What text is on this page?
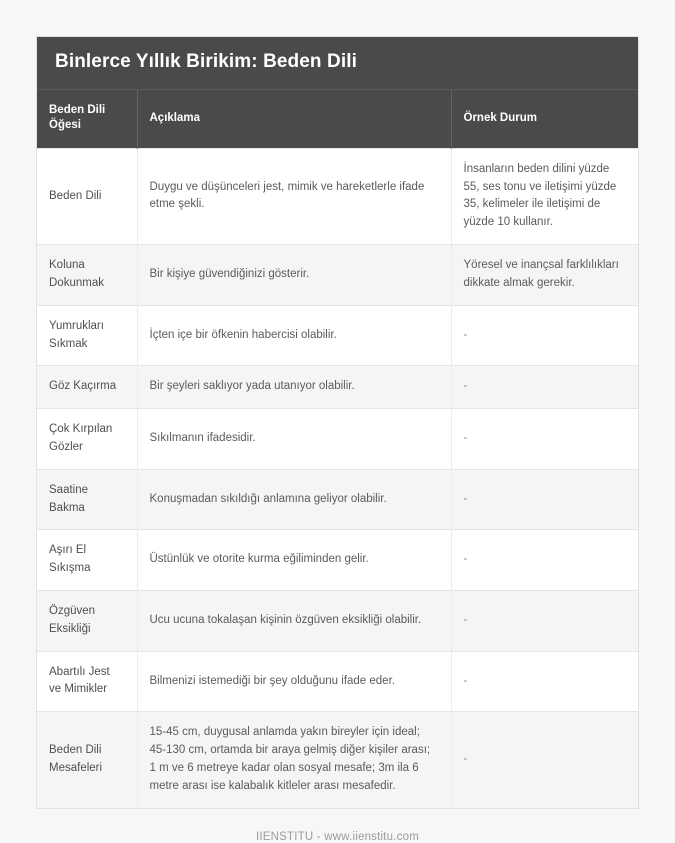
Binlerce Yıllık Birikim: Beden Dili
Beden Dili Öğesi	Açıklama	Örnek Durum
Beden Dili	Duygu ve düşünceleri jest, mimik ve hareketlerle ifade etme şekli.	İnsanların beden dilini yüzde 55, ses tonu ve iletişimi yüzde 35, kelimeler ile iletişimi de yüzde 10 kullanır.
Koluna Dokunmak	Bir kişiye güvendiğinizi gösterir.	Yöresel ve inançsal farklılıkları dikkate almak gerekir.
Yumrukları Sıkmak	İçten içe bir öfkenin habercisi olabilir.	-
Göz Kaçırma	Bir şeyleri saklıyor yada utanıyor olabilir.	-
Çok Kırpılan Gözler	Sıkılmanın ifadesidir.	-
Saatine Bakma	Konuşmadan sıkıldığı anlamına geliyor olabilir.	-
Aşırı El Sıkışma	Üstünlük ve otorite kurma eğiliminden gelir.	-
Özgüven Eksikliği	Ucu ucuna tokalaşan kişinin özgüven eksikliği olabilir.	-
Abartılı Jest ve Mimikler	Bilmenizi istemediği bir şey olduğunu ifade eder.	-
Beden Dili Mesafeleri	15-45 cm, duygusal anlamda yakın bireyler için ideal; 45-130 cm, ortamda bir araya gelmiş diğer kişiler arası; 1 m ve 6 metreye kadar olan sosyal mesafe; 3m ila 6 metre arası ise kalabalık kitleler arası mesafedir.	-
IIENSTITU - www.iienstitu.com
